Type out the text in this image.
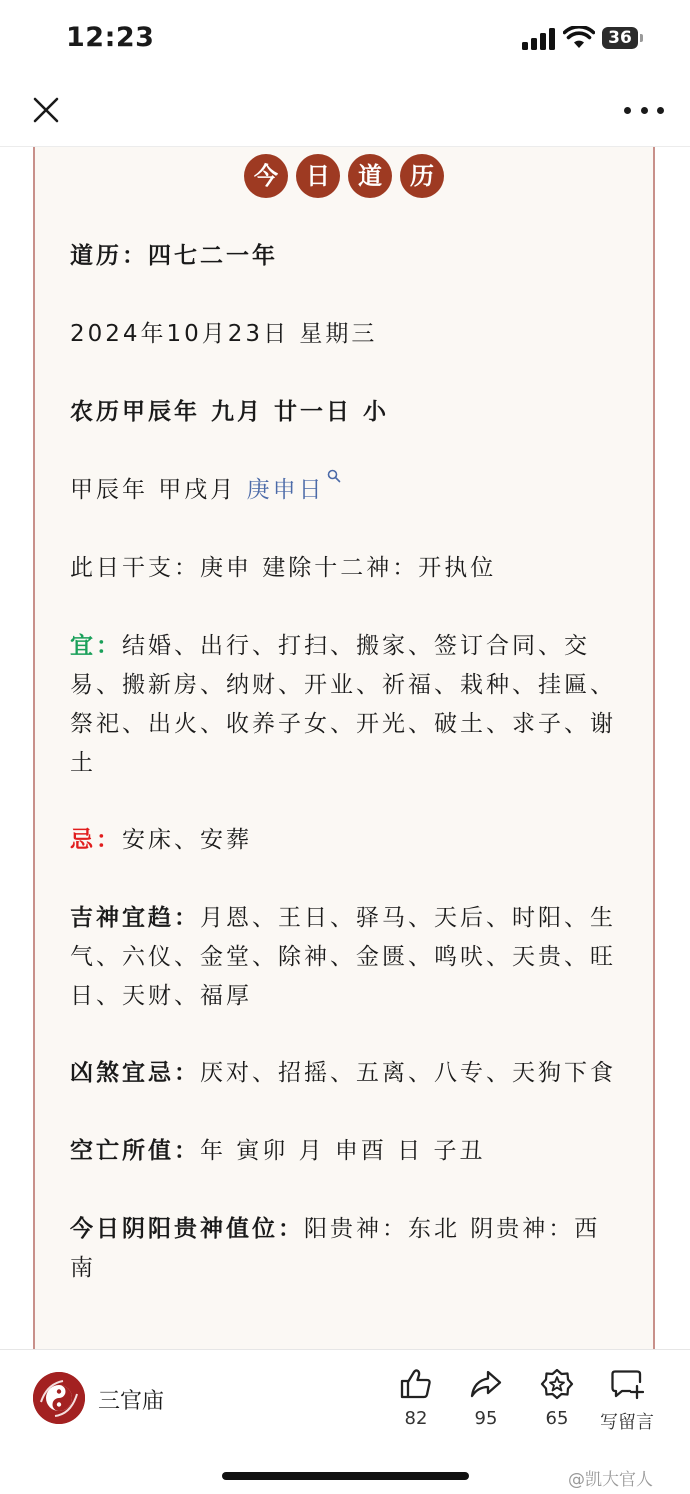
12:23	36
今	日	道	历

道历：四七二一年

2024年10月23日 星期三

农历甲辰年 九月 廿一日 小

甲辰年 甲戌月 庚申日

此日干支：庚申 建除十二神：开执位

宜：结婚、出行、打扫、搬家、签订合同、交易、搬新房、纳财、开业、祈福、栽种、挂匾、祭祀、出火、收养子女、开光、破土、求子、谢土

忌：安床、安葬

吉神宜趋：月恩、王日、驿马、天后、时阳、生气、六仪、金堂、除神、金匮、鸣吠、天贵、旺日、天财、福厚

凶煞宜忌：厌对、招摇、五离、八专、天狗下食

空亡所值：年 寅卯 月 申酉 日 子丑

今日阴阳贵神值位：阳贵神：东北 阴贵神：西南

三官庙
82	95	65	写留言
@凯大官人
